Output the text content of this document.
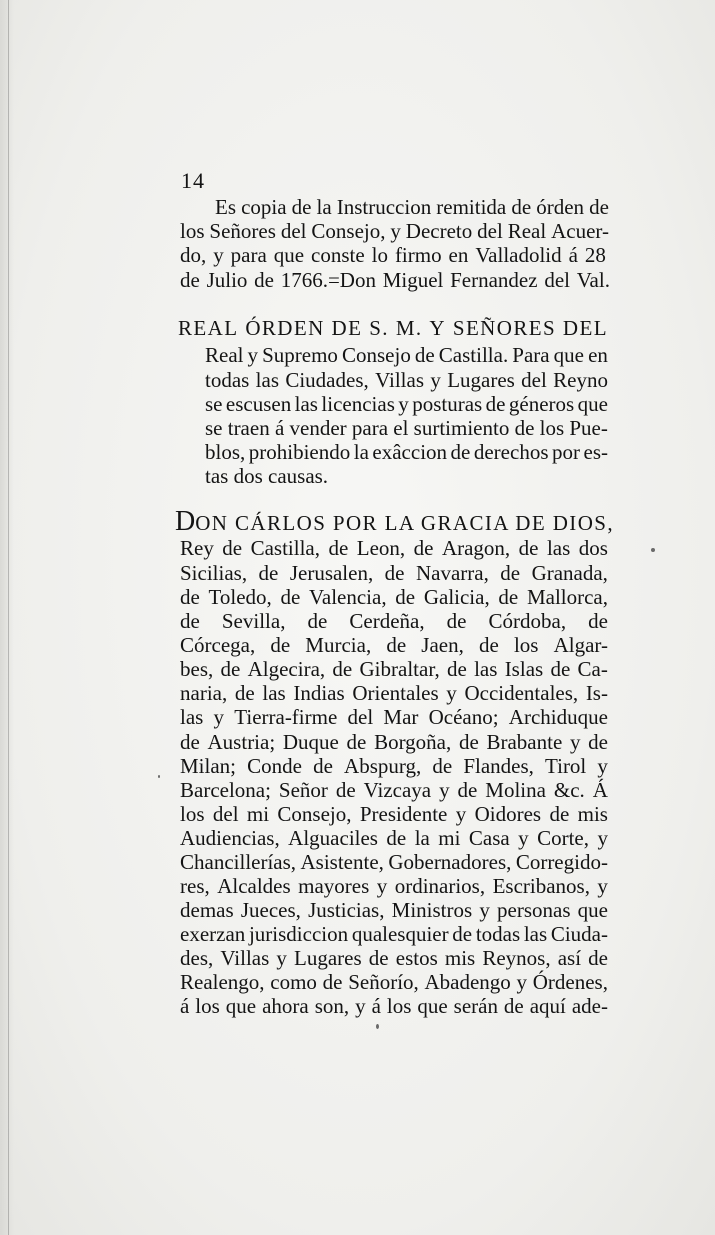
14
Es copia de la Instruccion remitida de órden de
los Señores del Consejo, y Decreto del Real Acuer-
do, y para que conste lo firmo en Valladolid á 28
de Julio de 1766.=Don Miguel Fernandez del Val.
REAL ÓRDEN DE S. M. Y SEÑORES DEL
Real y Supremo Consejo de Castilla. Para que en
todas las Ciudades, Villas y Lugares del Reyno
se escusen las licencias y posturas de géneros que
se traen á vender para el surtimiento de los Pue-
blos, prohibiendo la exâccion de derechos por es-
tas dos causas.
DON CÁRLOS POR LA GRACIA DE DIOS,
Rey de Castilla, de Leon, de Aragon, de las dos
Sicilias, de Jerusalen, de Navarra, de Granada,
de Toledo, de Valencia, de Galicia, de Mallorca,
de Sevilla, de Cerdeña, de Córdoba, de
Córcega, de Murcia, de Jaen, de los Algar-
bes, de Algecira, de Gibraltar, de las Islas de Ca-
naria, de las Indias Orientales y Occidentales, Is-
las y Tierra-firme del Mar Océano; Archiduque
de Austria; Duque de Borgoña, de Brabante y de
Milan; Conde de Abspurg, de Flandes, Tirol y
Barcelona; Señor de Vizcaya y de Molina &c. Á
los del mi Consejo, Presidente y Oidores de mis
Audiencias, Alguaciles de la mi Casa y Corte, y
Chancillerías, Asistente, Gobernadores, Corregido-
res, Alcaldes mayores y ordinarios, Escribanos, y
demas Jueces, Justicias, Ministros y personas que
exerzan jurisdiccion qualesquier de todas las Ciuda-
des, Villas y Lugares de estos mis Reynos, así de
Realengo, como de Señorío, Abadengo y Órdenes,
á los que ahora son, y á los que serán de aquí ade-
